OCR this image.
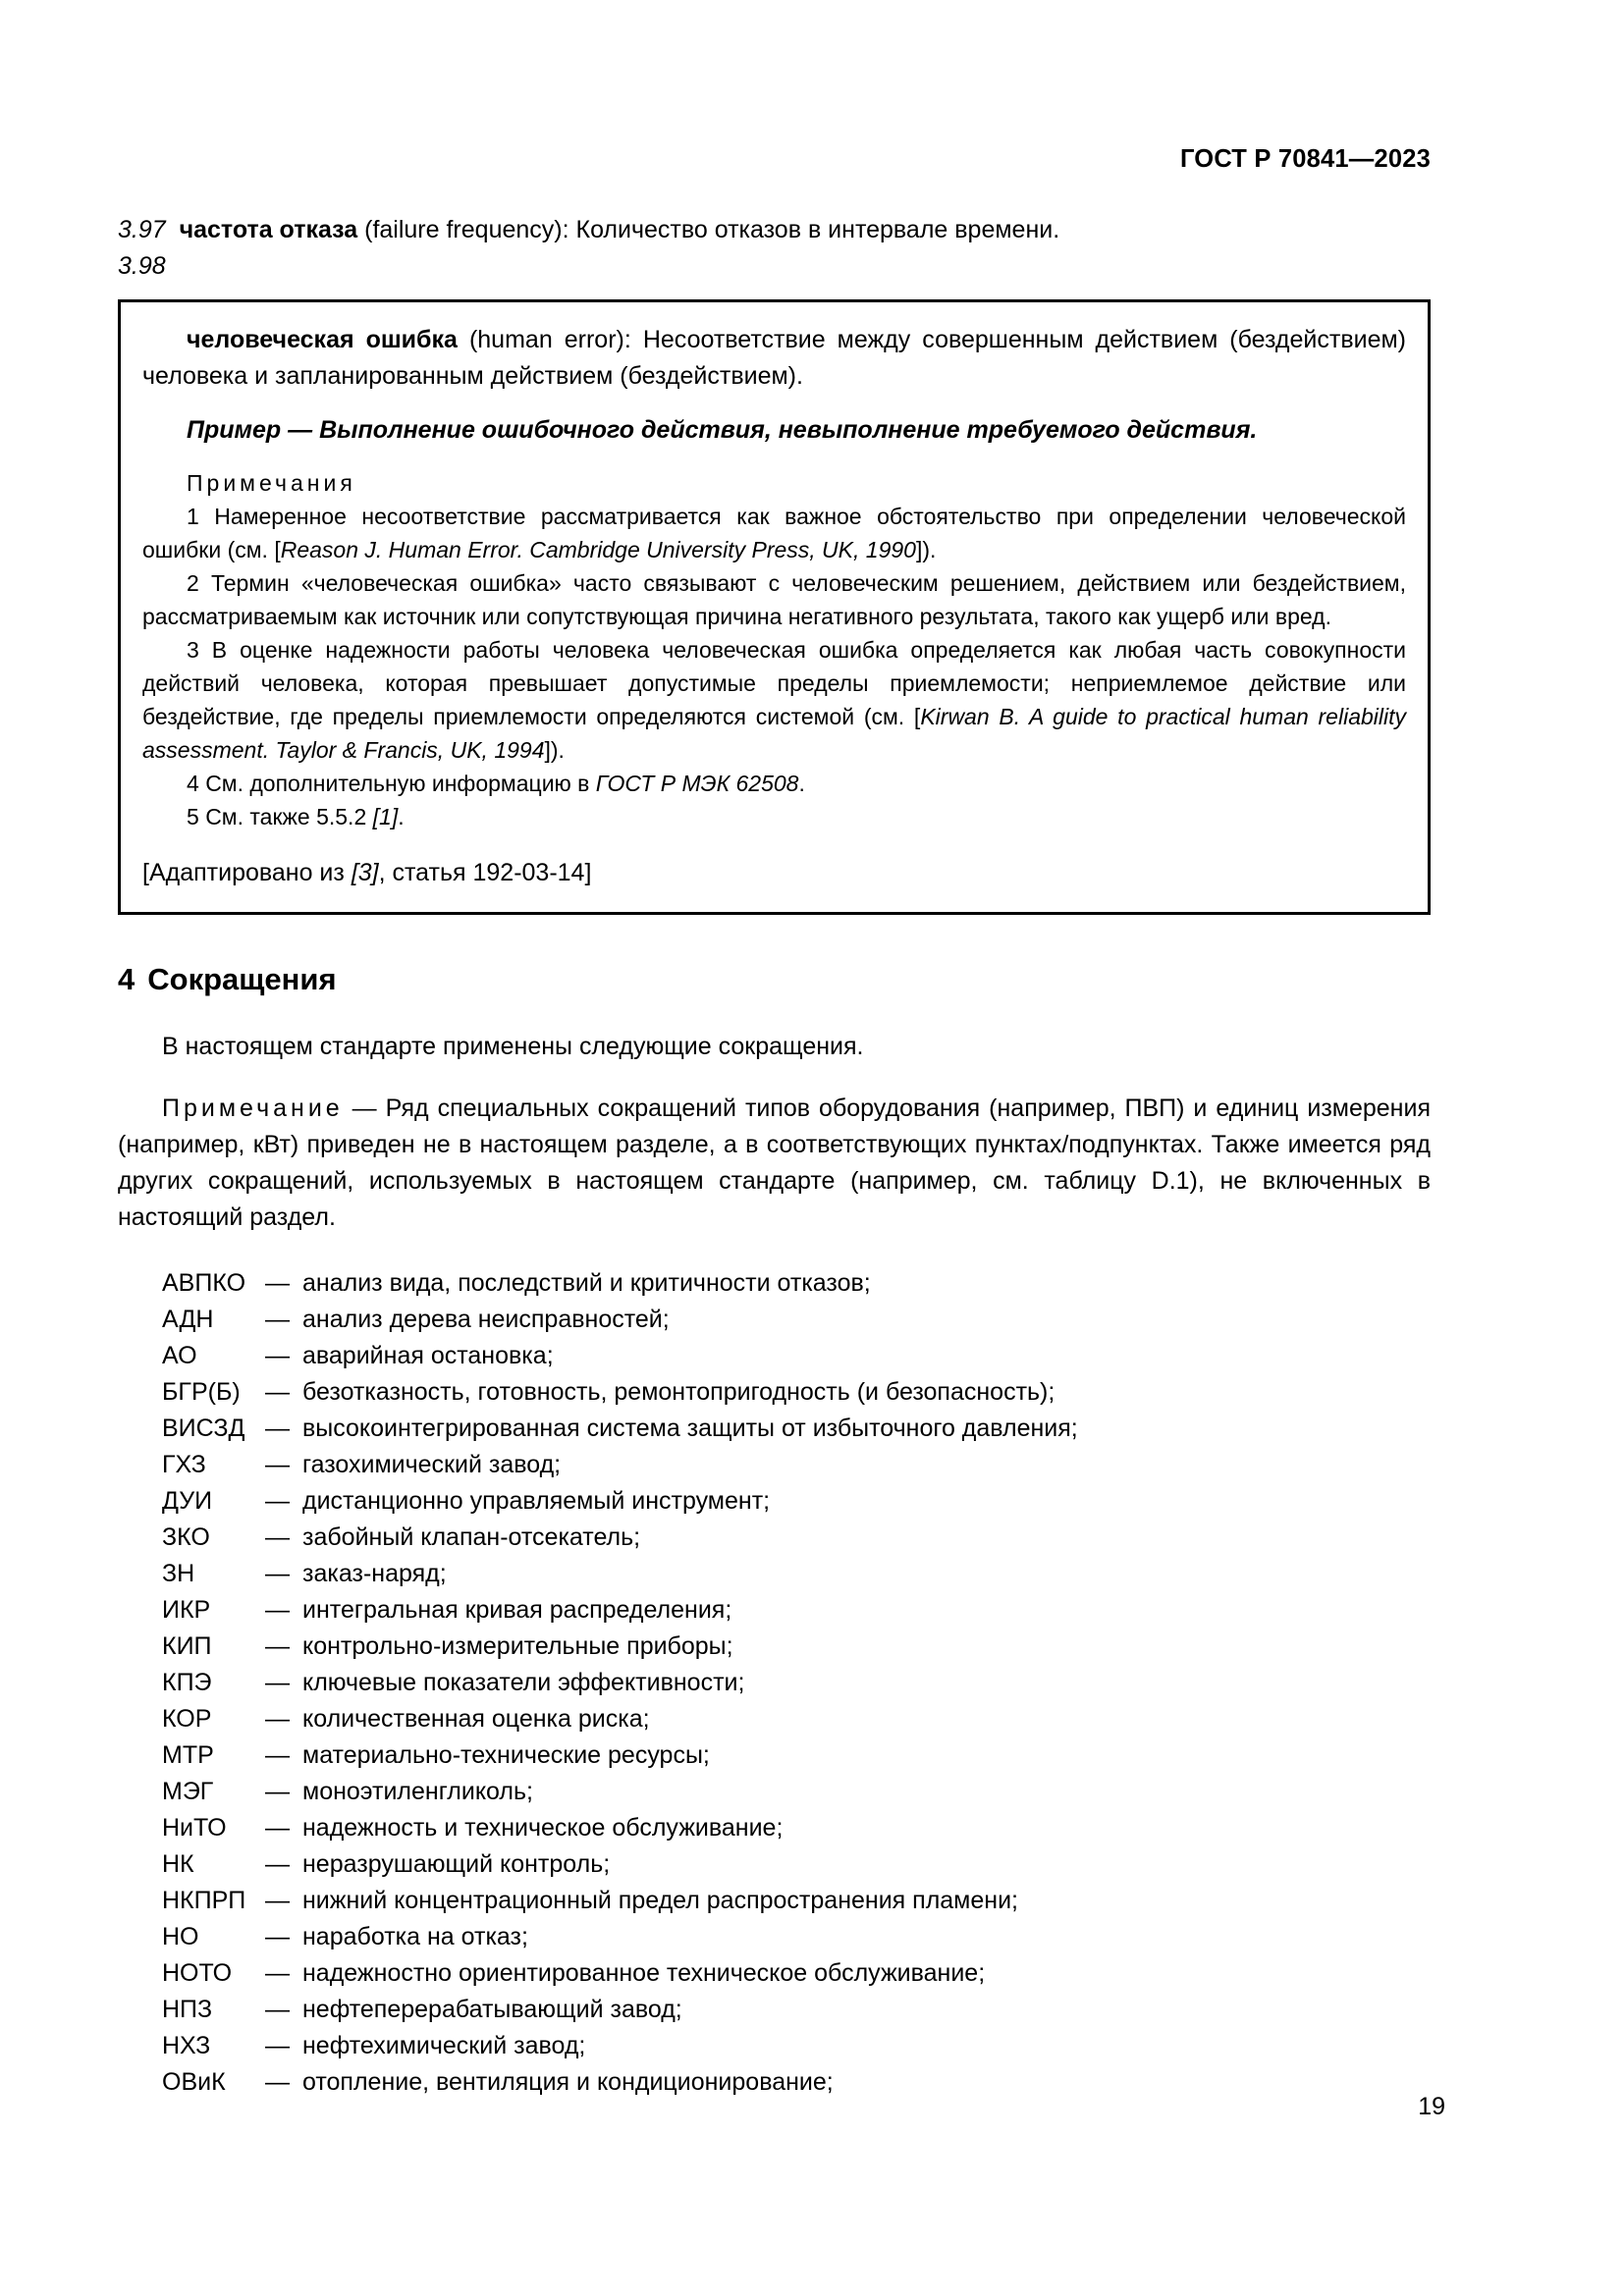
ГОСТ Р 70841—2023

3.97 частота отказа (failure frequency): Количество отказов в интервале времени.

3.98

человеческая ошибка (human error): Несоответствие между совершенным действием (бездействием) человека и запланированным действием (бездействием).

Пример — Выполнение ошибочного действия, невыполнение требуемого действия.

Примечания

1 Намеренное несоответствие рассматривается как важное обстоятельство при определении человеческой ошибки (см. [Reason J. Human Error. Cambridge University Press, UK, 1990]).

2 Термин «человеческая ошибка» часто связывают с человеческим решением, действием или бездействием, рассматриваемым как источник или сопутствующая причина негативного результата, такого как ущерб или вред.

3 В оценке надежности работы человека человеческая ошибка определяется как любая часть совокупности действий человека, которая превышает допустимые пределы приемлемости; неприемлемое действие или бездействие, где пределы приемлемости определяются системой (см. [Kirwan B. A guide to practical human reliability assessment. Taylor & Francis, UK, 1994]).

4 См. дополнительную информацию в ГОСТ Р МЭК 62508.

5 См. также 5.5.2 [1].

[Адаптировано из [3], статья 192-03-14]

4 Сокращения

В настоящем стандарте применены следующие сокращения.

Примечание — Ряд специальных сокращений типов оборудования (например, ПВП) и единиц измерения (например, кВт) приведен не в настоящем разделе, а в соответствующих пунктах/подпунктах. Также имеется ряд других сокращений, используемых в настоящем стандарте (например, см. таблицу D.1), не включенных в настоящий раздел.

АВПКО — анализ вида, последствий и критичности отказов;
АДН	— анализ дерева неисправностей;
АО	— аварийная остановка;
БГР(Б)	— безотказность, готовность, ремонтопригодность (и безопасность);
ВИСЗД — высокоинтегрированная система защиты от избыточного давления;
ГХЗ	— газохимический завод;
ДУИ	— дистанционно управляемый инструмент;
ЗКО	— забойный клапан-отсекатель;
ЗН	— заказ-наряд;
ИКР	— интегральная кривая распределения;
КИП	— контрольно-измерительные приборы;
КПЭ	— ключевые показатели эффективности;
КОР	— количественная оценка риска;
МТР	— материально-технические ресурсы;
МЭГ	— моноэтиленгликоль;
НиТО	— надежность и техническое обслуживание;
НК	— неразрушающий контроль;
НКПРП — нижний концентрационный предел распространения пламени;
НО	— наработка на отказ;
НОТО	— надежностно ориентированное техническое обслуживание;
НПЗ	— нефтеперерабатывающий завод;
НХЗ	— нефтехимический завод;
ОВиК	— отопление, вентиляция и кондиционирование;
19
